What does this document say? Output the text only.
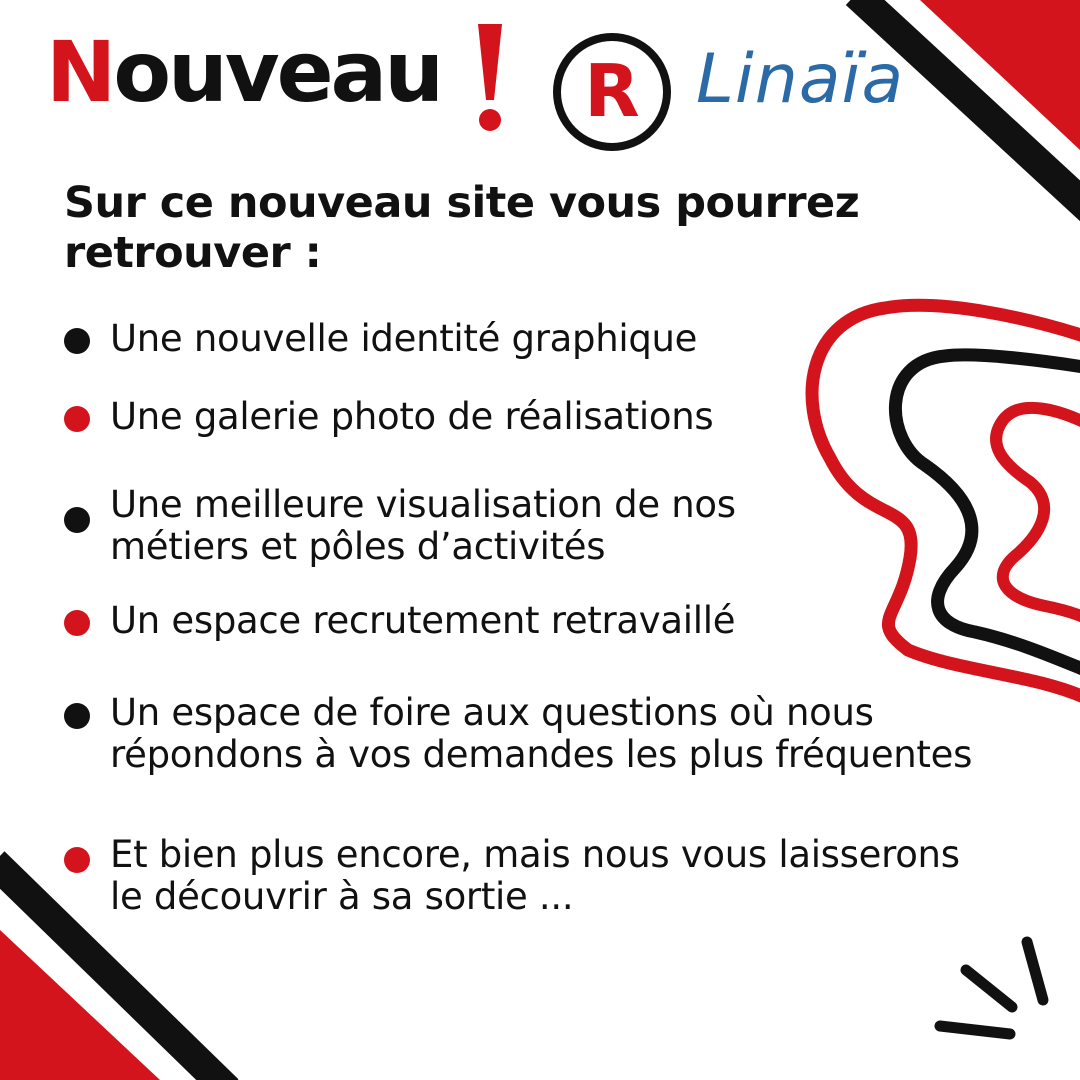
Nouveau R Linaïa

Sur ce nouveau site vous pourrez retrouver :

Une nouvelle identité graphique
Une galerie photo de réalisations
Une meilleure visualisation de nos
métiers et pôles d’activités
Un espace recrutement retravaillé
Un espace de foire aux questions où nous
répondons à vos demandes les plus fréquentes
Et bien plus encore, mais nous vous laisserons
le découvrir à sa sortie ...
